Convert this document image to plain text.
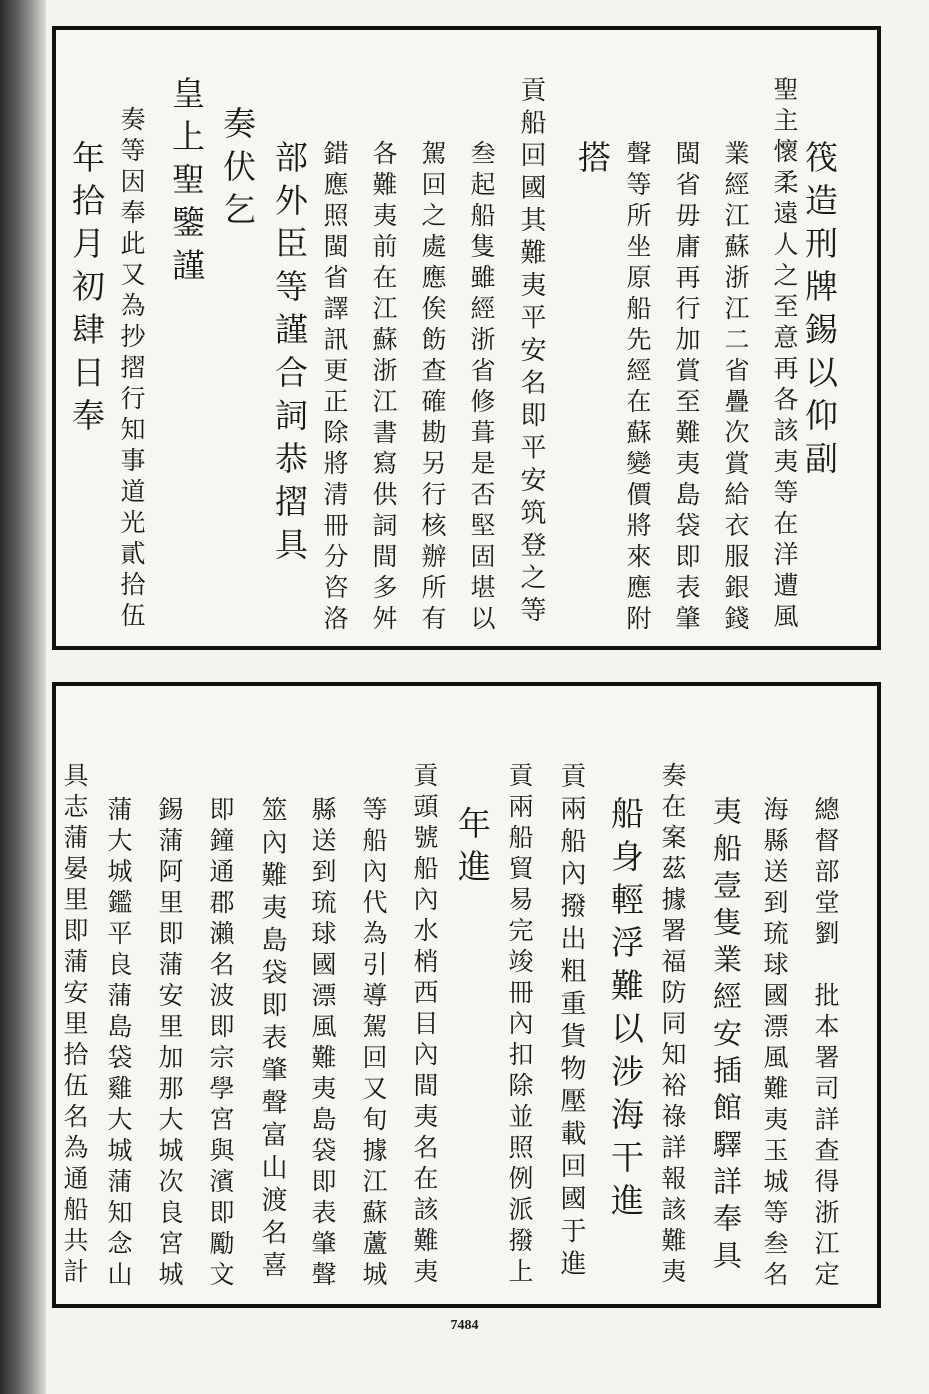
筏造刑牌錫以仰副
聖主懷柔遠人之至意再各該夷等在洋遭風
業經江蘇浙江二省疊次賞給衣服銀錢
閩省毋庸再行加賞至難夷島袋即表肇
聲等所坐原船先經在蘇變價將來應附
搭
貢船回國其難夷平安名即平安筑登之等
叁起船隻雖經浙省修葺是否堅固堪以
駕回之處應俟飭查確勘另行核辦所有
各難夷前在江蘇浙江書寫供詞間多舛
錯應照閩省譯訊更正除將清冊分咨洛
部外臣等謹合詞恭摺具
奏伏乞
皇上聖鑒謹
奏等因奉此又為抄摺行知事道光貳拾伍
年拾月初肆日奉
總督部堂劉　批本署司詳查得浙江定
海縣送到琉球國漂風難夷玉城等叁名
夷船壹隻業經安插館驛詳奉具
奏在案茲據署福防同知裕祿詳報該難夷
船身輕浮難以涉海干進
貢兩船內撥出粗重貨物壓載回國于進
貢兩船貿易完竣冊內扣除並照例派撥上
年進
貢頭號船內水梢西目內間夷名在該難夷
等船內代為引導駕回又旬據江蘇蘆城
縣送到琉球國漂風難夷島袋即表肇聲
筮內難夷島袋即表肇聲富山渡名喜
即鐘通郡瀨名波即宗學宮與濱即勵文
錫蒲阿里即蒲安里加那大城次良宮城
蒲大城鑑平良蒲島袋雞大城蒲知念山
具志蒲晏里即蒲安里拾伍名為通船共計
7484
